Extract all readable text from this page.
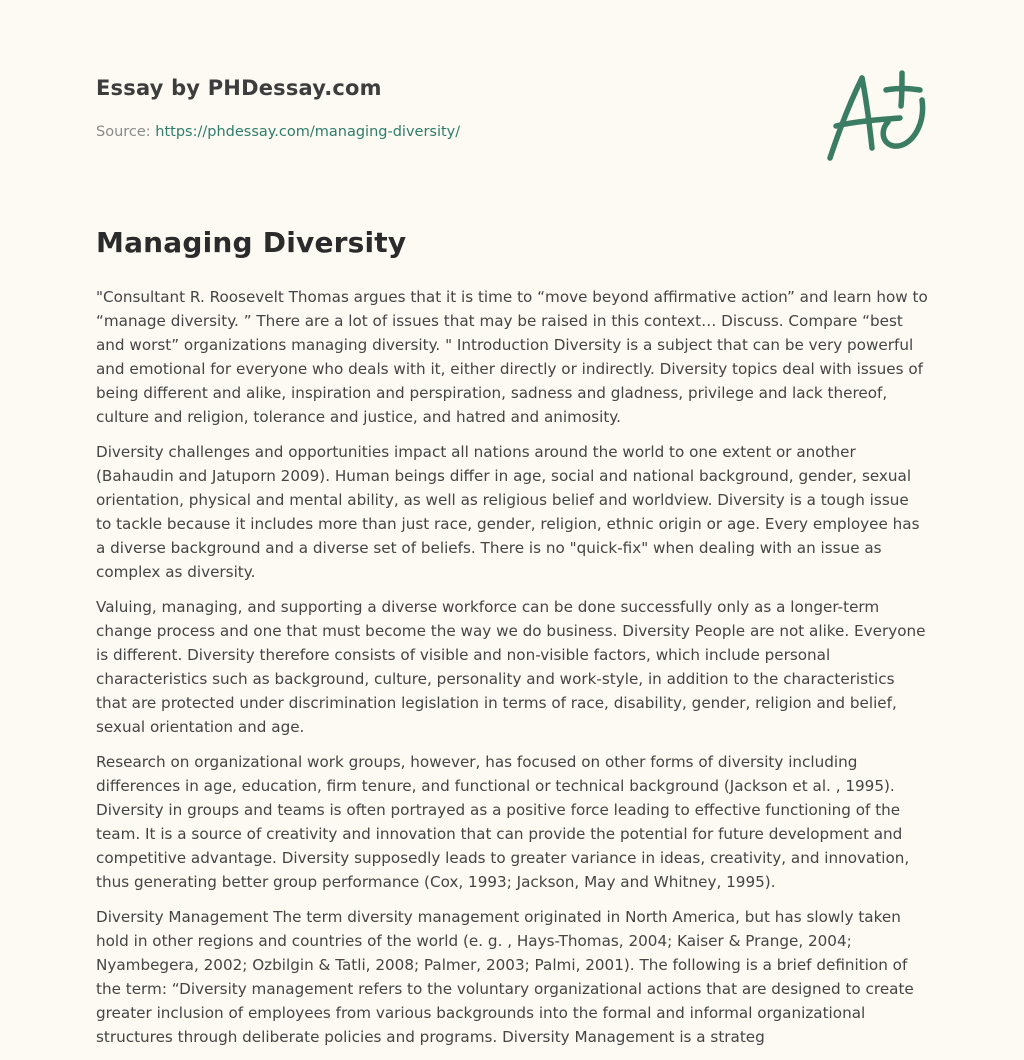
Essay by PHDessay.com
Source: https://phdessay.com/managing-diversity/
Managing Diversity

"Consultant R. Roosevelt Thomas argues that it is time to “move beyond affirmative action” and learn how to “manage diversity. ” There are a lot of issues that may be raised in this context… Discuss. Compare “best and worst” organizations managing diversity. " Introduction Diversity is a subject that can be very powerful and emotional for everyone who deals with it, either directly or indirectly. Diversity topics deal with issues of being different and alike, inspiration and perspiration, sadness and gladness, privilege and lack thereof, culture and religion, tolerance and justice, and hatred and animosity.

Diversity challenges and opportunities impact all nations around the world to one extent or another (Bahaudin and Jatuporn 2009). Human beings differ in age, social and national background, gender, sexual orientation, physical and mental ability, as well as religious belief and worldview. Diversity is a tough issue to tackle because it includes more than just race, gender, religion, ethnic origin or age. Every employee has a diverse background and a diverse set of beliefs. There is no "quick-fix" when dealing with an issue as complex as diversity.

Valuing, managing, and supporting a diverse workforce can be done successfully only as a longer-term change process and one that must become the way we do business. Diversity People are not alike. Everyone is different. Diversity therefore consists of visible and non-visible factors, which include personal characteristics such as background, culture, personality and work-style, in addition to the characteristics that are protected under discrimination legislation in terms of race, disability, gender, religion and belief, sexual orientation and age.

Research on organizational work groups, however, has focused on other forms of diversity including differences in age, education, firm tenure, and functional or technical background (Jackson et al. , 1995). Diversity in groups and teams is often portrayed as a positive force leading to effective functioning of the team. It is a source of creativity and innovation that can provide the potential for future development and competitive advantage. Diversity supposedly leads to greater variance in ideas, creativity, and innovation, thus generating better group performance (Cox, 1993; Jackson, May and Whitney, 1995).

Diversity Management The term diversity management originated in North America, but has slowly taken hold in other regions and countries of the world (e. g. , Hays-Thomas, 2004; Kaiser & Prange, 2004; Nyambegera, 2002; Ozbilgin & Tatli, 2008; Palmer, 2003; Palmi, 2001). The following is a brief definition of the term: “Diversity management refers to the voluntary organizational actions that are designed to create greater inclusion of employees from various backgrounds into the formal and informal organizational structures through deliberate policies and programs. Diversity Management is a strateg
